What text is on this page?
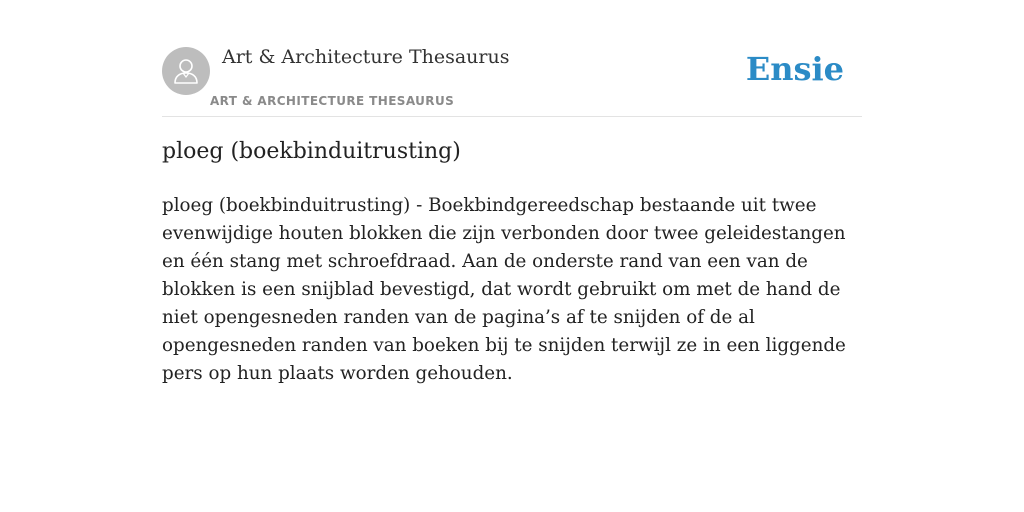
Art & Architecture Thesaurus
ART & ARCHITECTURE THESAURUS
Ensie
ploeg (boekbinduitrusting)

ploeg (boekbinduitrusting) - Boekbindgereedschap bestaande uit twee evenwijdige houten blokken die zijn verbonden door twee geleidestangen en één stang met schroefdraad. Aan de onderste rand van een van de blokken is een snijblad bevestigd, dat wordt gebruikt om met de hand de niet opengesneden randen van de pagina’s af te snijden of de al opengesneden randen van boeken bij te snijden terwijl ze in een liggende pers op hun plaats worden gehouden.
